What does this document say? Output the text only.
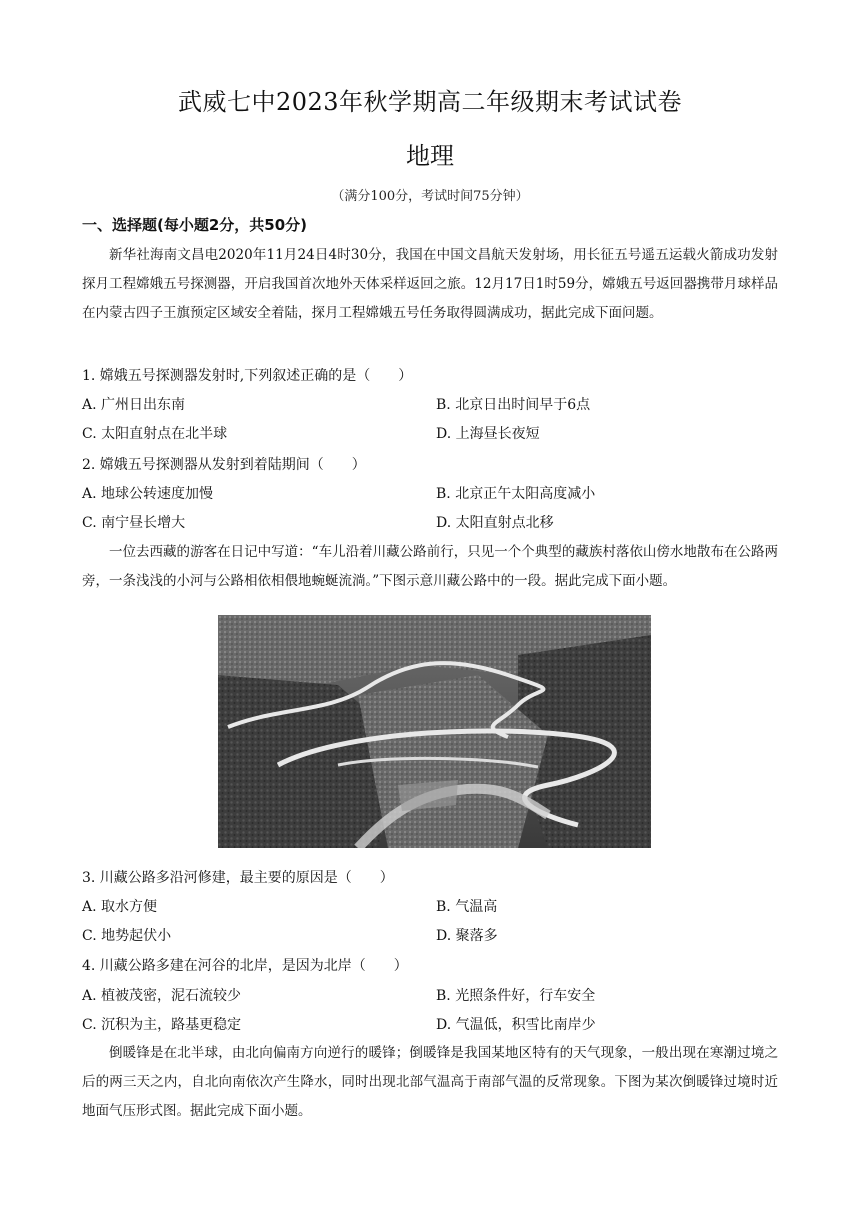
武威七中2023年秋学期高二年级期末考试试卷
地理
（满分100分，考试时间75分钟）
一、选择题(每小题2分，共50分)

新华社海南文昌电2020年11月24日4时30分，我国在中国文昌航天发射场，用长征五号遥五运载火箭成功发射探月工程嫦娥五号探测器，开启我国首次地外天体采样返回之旅。12月17日1时59分，嫦娥五号返回器携带月球样品在内蒙古四子王旗预定区域安全着陆，探月工程嫦娥五号任务取得圆满成功，据此完成下面问题。

1. 嫦娥五号探测器发射时,下列叙述正确的是（　　）
A. 广州日出东南	B. 北京日出时间早于6点
C. 太阳直射点在北半球	D. 上海昼长夜短
2. 嫦娥五号探测器从发射到着陆期间（　　）
A. 地球公转速度加慢	B. 北京正午太阳高度减小
C. 南宁昼长增大	D. 太阳直射点北移

一位去西藏的游客在日记中写道：“车儿沿着川藏公路前行，只见一个个典型的藏族村落依山傍水地散布在公路两旁，一条浅浅的小河与公路相依相偎地蜿蜒流淌。”下图示意川藏公路中的一段。据此完成下面小题。

3. 川藏公路多沿河修建，最主要的原因是（　　）
A. 取水方便	B. 气温高
C. 地势起伏小	D. 聚落多
4. 川藏公路多建在河谷的北岸，是因为北岸（　　）
A. 植被茂密，泥石流较少	B. 光照条件好，行车安全
C. 沉积为主，路基更稳定	D. 气温低，积雪比南岸少

倒暖锋是在北半球，由北向偏南方向逆行的暖锋；倒暖锋是我国某地区特有的天气现象，一般出现在寒潮过境之后的两三天之内，自北向南依次产生降水，同时出现北部气温高于南部气温的反常现象。下图为某次倒暖锋过境时近地面气压形式图。据此完成下面小题。
